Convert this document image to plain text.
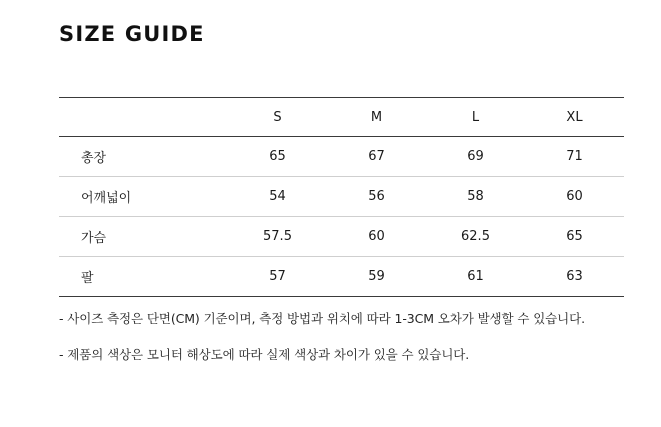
SIZE GUIDE
	S	M	L	XL
총장	65	67	69	71
어깨넓이	54	56	58	60
가슴	57.5	60	62.5	65
팔	57	59	61	63
- 사이즈 측정은 단면(CM) 기준이며, 측정 방법과 위치에 따라 1-3CM 오차가 발생할 수 있습니다.
- 제품의 색상은 모니터 해상도에 따라 실제 색상과 차이가 있을 수 있습니다.
